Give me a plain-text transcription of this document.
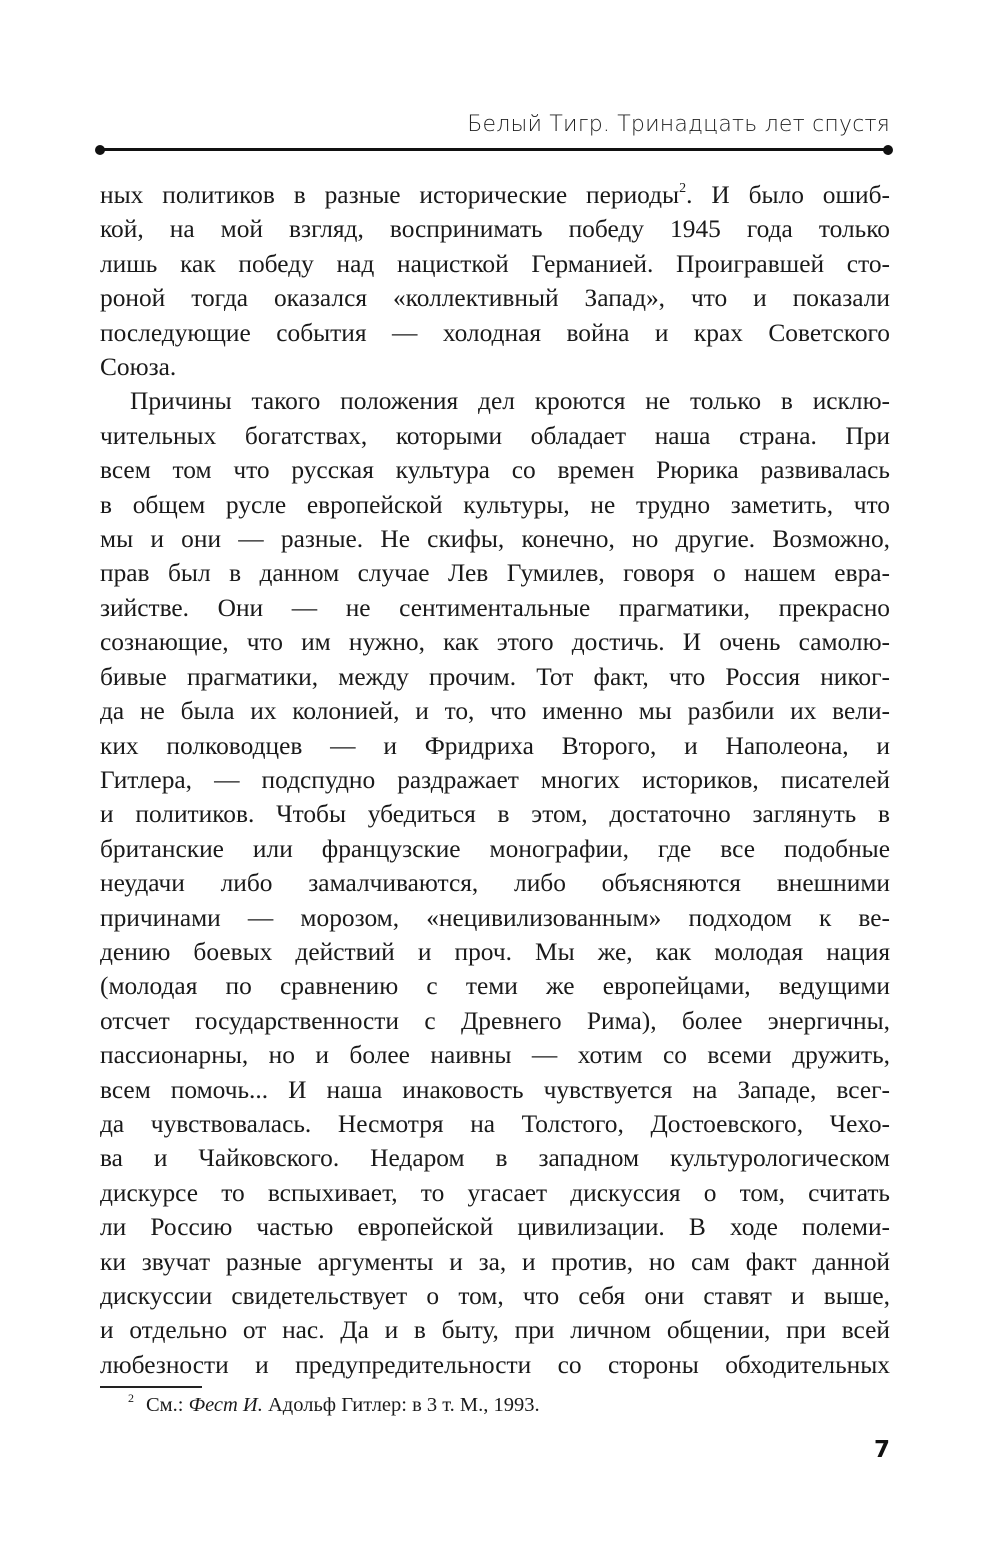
Белый Тигр. Тринадцать лет спустя
ных политиков в разные исторические периоды$^2$. И было ошиб-
кой, на мой взгляд, воспринимать победу 1945 года только
лишь как победу над нацисткой Германией. Проигравшей сто-
роной тогда оказался «коллективный Запад», что и показали
последующие события — холодная война и крах Советского
Союза.
Причины такого положения дел кроются не только в исклю-
чительных богатствах, которыми обладает наша страна. При
всем том что русская культура со времен Рюрика развивалась
в общем русле европейской культуры, не трудно заметить, что
мы и они — разные. Не скифы, конечно, но другие. Возможно,
прав был в данном случае Лев Гумилев, говоря о нашем евра-
зийстве. Они — не сентиментальные прагматики, прекрасно
сознающие, что им нужно, как этого достичь. И очень самолю-
бивые прагматики, между прочим. Тот факт, что Россия никог-
да не была их колонией, и то, что именно мы разбили их вели-
ких полководцев — и Фридриха Второго, и Наполеона, и
Гитлера, — подспудно раздражает многих историков, писателей
и политиков. Чтобы убедиться в этом, достаточно заглянуть в
британские или французские монографии, где все подобные
неудачи либо замалчиваются, либо объясняются внешними
причинами — морозом, «нецивилизованным» подходом к ве-
дению боевых действий и проч. Мы же, как молодая нация
(молодая по сравнению с теми же европейцами, ведущими
отсчет государственности с Древнего Рима), более энергичны,
пассионарны, но и более наивны — хотим со всеми дружить,
всем помочь... И наша инаковость чувствуется на Западе, всег-
да чувствовалась. Несмотря на Толстого, Достоевского, Чехо-
ва и Чайковского. Недаром в западном культурологическом
дискурсе то вспыхивает, то угасает дискуссия о том, считать
ли Россию частью европейской цивилизации. В ходе полеми-
ки звучат разные аргументы и за, и против, но сам факт данной
дискуссии свидетельствует о том, что себя они ставят и выше,
и отдельно от нас. Да и в быту, при личном общении, при всей
любезности и предупредительности со стороны обходительных
$^2$ См.: Фест И. Адольф Гитлер: в 3 т. М., 1993.
7
